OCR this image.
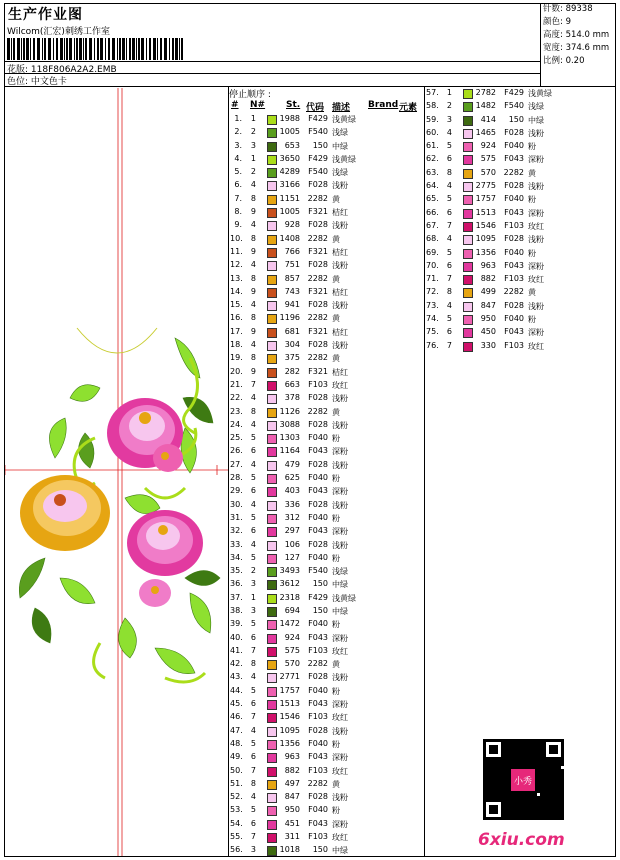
生产作业图
Wilcom(汇宏)刺绣工作室
花版: 118F806A2A2.EMB
色位: 中文色卡
针数: 89338
颜色: 9
高度: 514.0 mm
宽度: 374.6 mm
比例: 0.20
停止顺序 :
# N# St. 代码 描述 Brand 元素
1.	1	1988	F429 浅黄绿
2.	2	1005	F540 浅绿
3.	3	653	150 中绿
4.	1	3650	F429 浅黄绿
5.	2	4289	F540 浅绿
6.	4	3166	F028 浅粉
7.	8	1151 2282 黄
8.	9	1005	F321 桔红
9.	4	928	F028 浅粉
10.	8	1408 2282 黄
11.	9	766	F321 桔红
12.	4	751	F028 浅粉
13.	8	857 2282 黄
14.	9	743	F321 桔红
15.	4	941	F028 浅粉
16.	8	1196 2282 黄
17.	9	681	F321 桔红
18.	4	304	F028 浅粉
19.	8	375 2282 黄
20.	9	282	F321 桔红
21.	7	663	F103 玫红
22.	4	378	F028 浅粉
23.	8	1126 2282 黄
24.	4	3088	F028 浅粉
25.	5	1303	F040 粉
26.	6	1164	F043 深粉
27.	4	479	F028 浅粉
28.	5	625	F040 粉
29.	6	403	F043 深粉
30.	4	336	F028 浅粉
31.	5	312	F040 粉
32.	6	297	F043 深粉
33.	4	106	F028 浅粉
34.	5	127	F040 粉
35.	2	3493	F540 浅绿
36.	3	3612	150 中绿
37.	1	2318	F429 浅黄绿
38.	3	694	150 中绿
39.	5	1472	F040 粉
40.	6	924	F043 深粉
41.	7	575	F103 玫红
42.	8	570 2282 黄
43.	4	2771	F028 浅粉
44.	5	1757	F040 粉
45.	6	1513	F043 深粉
46.	7	1546	F103 玫红
47.	4	1095	F028 浅粉
48.	5	1356	F040 粉
49.	6	963	F043 深粉
50.	7	882	F103 玫红
51.	8	497 2282 黄
52.	4	847	F028 浅粉
53.	5	950	F040 粉
54.	6	451	F043 深粉
55.	7	311	F103 玫红
56.	3	1018	150 中绿
57.	1	2782	F429 浅黄绿
58.	2	1482	F540 浅绿
59.	3	414	150 中绿
60.	4	1465	F028 浅粉
61.	5	924	F040 粉
62.	6	575	F043 深粉
63.	8	570 2282 黄
64.	4	2775	F028 浅粉
65.	5	1757	F040 粉
66.	6	1513	F043 深粉
67.	7	1546	F103 玫红
68.	4	1095	F028 浅粉
69.	5	1356	F040 粉
70.	6	963	F043 深粉
71.	7	882	F103 玫红
72.	8	499 2282 黄
73.	4	847	F028 浅粉
74.	5	950	F040 粉
75.	6	450	F043 深粉
76.	7	330	F103 玫红
小秀
6xiu.com
